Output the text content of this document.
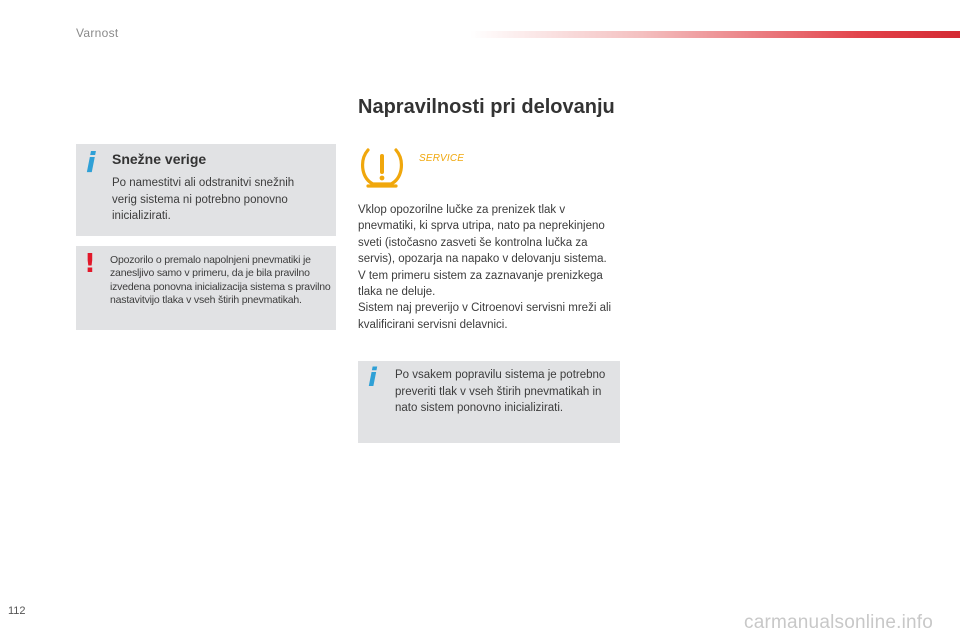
Varnost
Napravilnosti pri delovanju
i Snežne verige
Po namestitvi ali odstranitvi snežnih verig sistema ni potrebno ponovno inicializirati.
! Opozorilo o premalo napolnjeni pnevmatiki je zanesljivo samo v primeru, da je bila pravilno izvedena ponovna inicializacija sistema s pravilno nastavitvijo tlaka v vseh štirih pnevmatikah.
SERVICE

Vklop opozorilne lučke za prenizek tlak v pnevmatiki, ki sprva utripa, nato pa neprekinjeno sveti (istočasno zasveti še kontrolna lučka za servis), opozarja na napako v delovanju sistema.

V tem primeru sistem za zaznavanje prenizkega tlaka ne deluje.

Sistem naj preverijo v Citroenovi servisni mreži ali kvalificirani servisni delavnici.

i Po vsakem popravilu sistema je potrebno preveriti tlak v vseh štirih pnevmatikah in nato sistem ponovno inicializirati.
112
carmanualsonline.info
